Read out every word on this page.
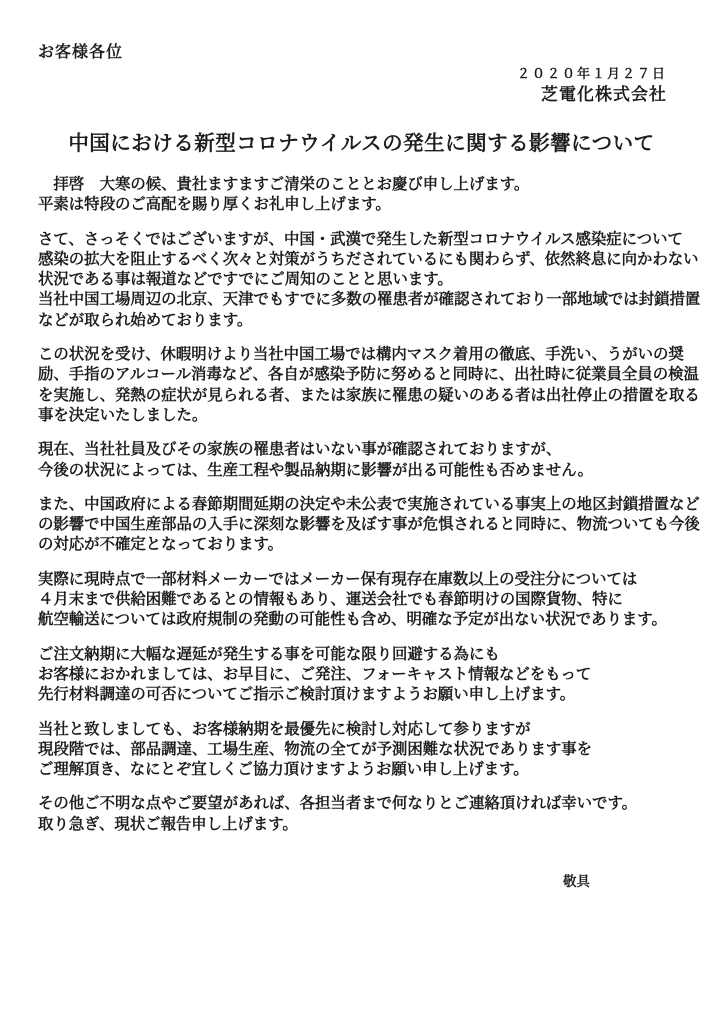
お客様各位
２０２０年１月２７日
芝電化株式会社
中国における新型コロナウイルスの発生に関する影響について
　拝啓　大寒の候、貴社ますますご清栄のこととお慶び申し上げます。
平素は特段のご高配を賜り厚くお礼申し上げます。
さて、さっそくではございますが、中国・武漢で発生した新型コロナウイルス感染症について
感染の拡大を阻止するべく次々と対策がうちだされているにも関わらず、依然終息に向かわない
状況である事は報道などですでにご周知のことと思います。
当社中国工場周辺の北京、天津でもすでに多数の罹患者が確認されており一部地域では封鎖措置
などが取られ始めております。
この状況を受け、休暇明けより当社中国工場では構内マスク着用の徹底、手洗い、うがいの奨
励、手指のアルコール消毒など、各自が感染予防に努めると同時に、出社時に従業員全員の検温
を実施し、発熱の症状が見られる者、または家族に罹患の疑いのある者は出社停止の措置を取る
事を決定いたしました。
現在、当社社員及びその家族の罹患者はいない事が確認されておりますが、
今後の状況によっては、生産工程や製品納期に影響が出る可能性も否めません。
また、中国政府による春節期間延期の決定や未公表で実施されている事実上の地区封鎖措置など
の影響で中国生産部品の入手に深刻な影響を及ぼす事が危惧されると同時に、物流ついても今後
の対応が不確定となっております。
実際に現時点で一部材料メーカーではメーカー保有現存在庫数以上の受注分については
４月末まで供給困難であるとの情報もあり、運送会社でも春節明けの国際貨物、特に
航空輸送については政府規制の発動の可能性も含め、明確な予定が出ない状況であります。
ご注文納期に大幅な遅延が発生する事を可能な限り回避する為にも
お客様におかれましては、お早目に、ご発注、フォーキャスト情報などをもって
先行材料調達の可否についてご指示ご検討頂けますようお願い申し上げます。
当社と致しましても、お客様納期を最優先に検討し対応して参りますが
現段階では、部品調達、工場生産、物流の全てが予測困難な状況であります事を
ご理解頂き、なにとぞ宜しくご協力頂けますようお願い申し上げます。
その他ご不明な点やご要望があれば、各担当者まで何なりとご連絡頂ければ幸いです。
取り急ぎ、現状ご報告申し上げます。
敬具
